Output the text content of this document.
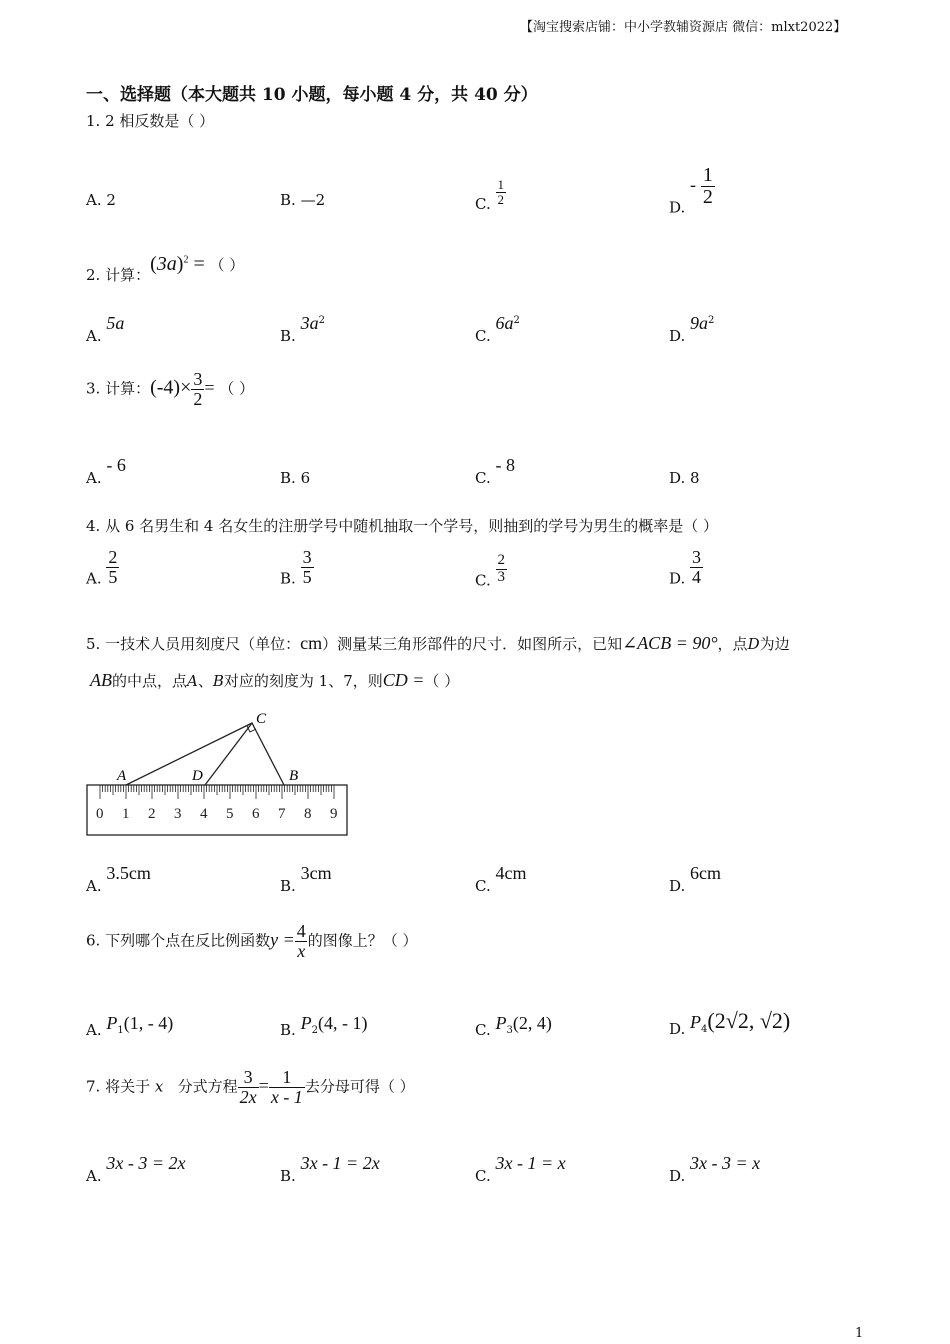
【淘宝搜索店铺：中小学教辅资源店 微信：mlxt2022】
一、选择题（本大题共 10 小题，每小题 4 分，共 40 分）
1. 2 相反数是（ ）
A. 2	B. —2	C. $\frac{1}{2}$
D. - $\frac{1}{2}$
2. 计算：$(3a)^2$ = （ ）
A. 5a
B. $3a^2$
C. $6a^2$
D. $9a^2$
3. 计算：$(-4)\times \frac{3}{2}$ = （ ）
A. - 6
B. 6	C. - 8
D. 8
4. 从 6 名男生和 4 名女生的注册学号中随机抽取一个学号，则抽到的学号为男生的概率是（ ）
A. $\frac{2}{5}$	B. $\frac{3}{5}$	C. $\frac{2}{3}$	D. $\frac{3}{4}$
5. 一技术人员用刻度尺（单位：cm）测量某三角形部件的尺寸．如图所示，已知∠ACB = 90°，点D为边
AB的中点，点A、B对应的刻度为 1、7，则CD =（ ）
0 1 2 3 4 5 6 7 8 9
C
A	D	B
A. 3.5cm
B. 3cm
C. 4cm
D. 6cm
6. 下列哪个点在反比例函数$y = \frac{4}{x}$ 的图像上？（ ）
A. $P_1(1$, - 4)	B. $P_2(4$, - 1)	C. $P_3(2$, 4)	D. $P_4(2√2$, √2)
7. 将关于 x 分式方程 $\frac{3}{2x} = \frac{1}{x - 1}$ 去分母可得（ ）
A. 3x - 3 = 2x
B. 3x - 1 = 2x
C. 3x - 1 = x
D. 3x - 3 = x
1
